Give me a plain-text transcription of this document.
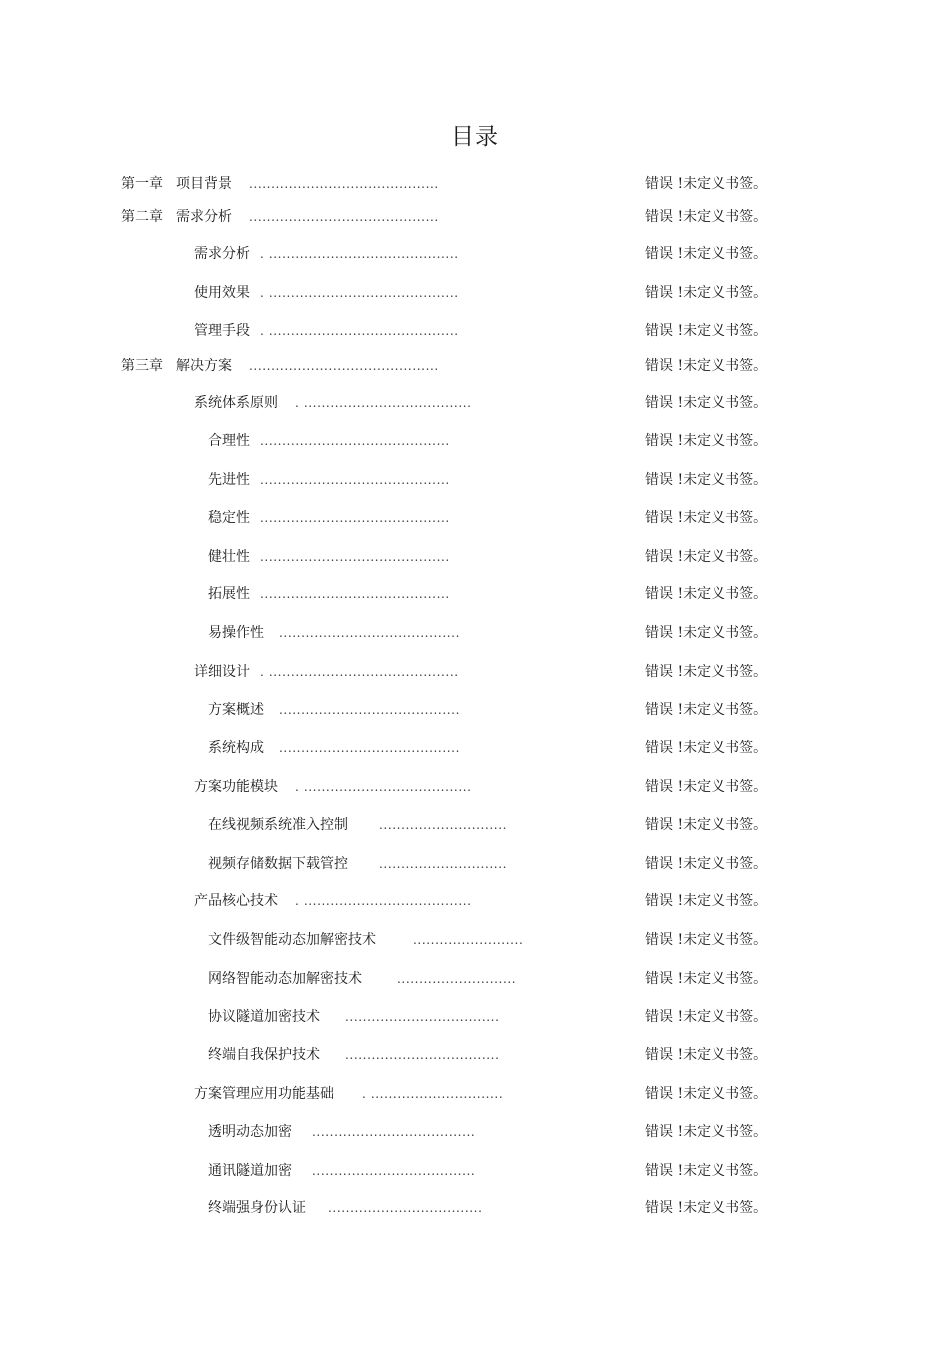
目录
第一章 项目背景 ...........................................	错误 !未定义书签。
第二章 需求分析 ...........................................	错误 !未定义书签。
需求分析 . ...........................................	错误 !未定义书签。
使用效果 . ...........................................	错误 !未定义书签。
管理手段 . ...........................................	错误 !未定义书签。
第三章 解决方案 ...........................................	错误 !未定义书签。
系统体系原则 . ......................................	错误 !未定义书签。
合理性 ...........................................	错误 !未定义书签。
先进性 ...........................................	错误 !未定义书签。
稳定性 ...........................................	错误 !未定义书签。
健壮性 ...........................................	错误 !未定义书签。
拓展性 ...........................................	错误 !未定义书签。
易操作性 .........................................	错误 !未定义书签。
详细设计 . ...........................................	错误 !未定义书签。
方案概述 .........................................	错误 !未定义书签。
系统构成 .........................................	错误 !未定义书签。
方案功能模块 . ......................................	错误 !未定义书签。
在线视频系统准入控制	.............................	错误 !未定义书签。
视频存储数据下载管控	.............................	错误 !未定义书签。
产品核心技术 . ......................................	错误 !未定义书签。
文件级智能动态加解密技术	.........................	错误 !未定义书签。
网络智能动态加解密技术	...........................	错误 !未定义书签。
协议隧道加密技术 ...................................	错误 !未定义书签。
终端自我保护技术 ...................................	错误 !未定义书签。
方案管理应用功能基础 . ..............................	错误 !未定义书签。
透明动态加密 .....................................	错误 !未定义书签。
通讯隧道加密 .....................................	错误 !未定义书签。
终端强身份认证 ...................................	错误 !未定义书签。
